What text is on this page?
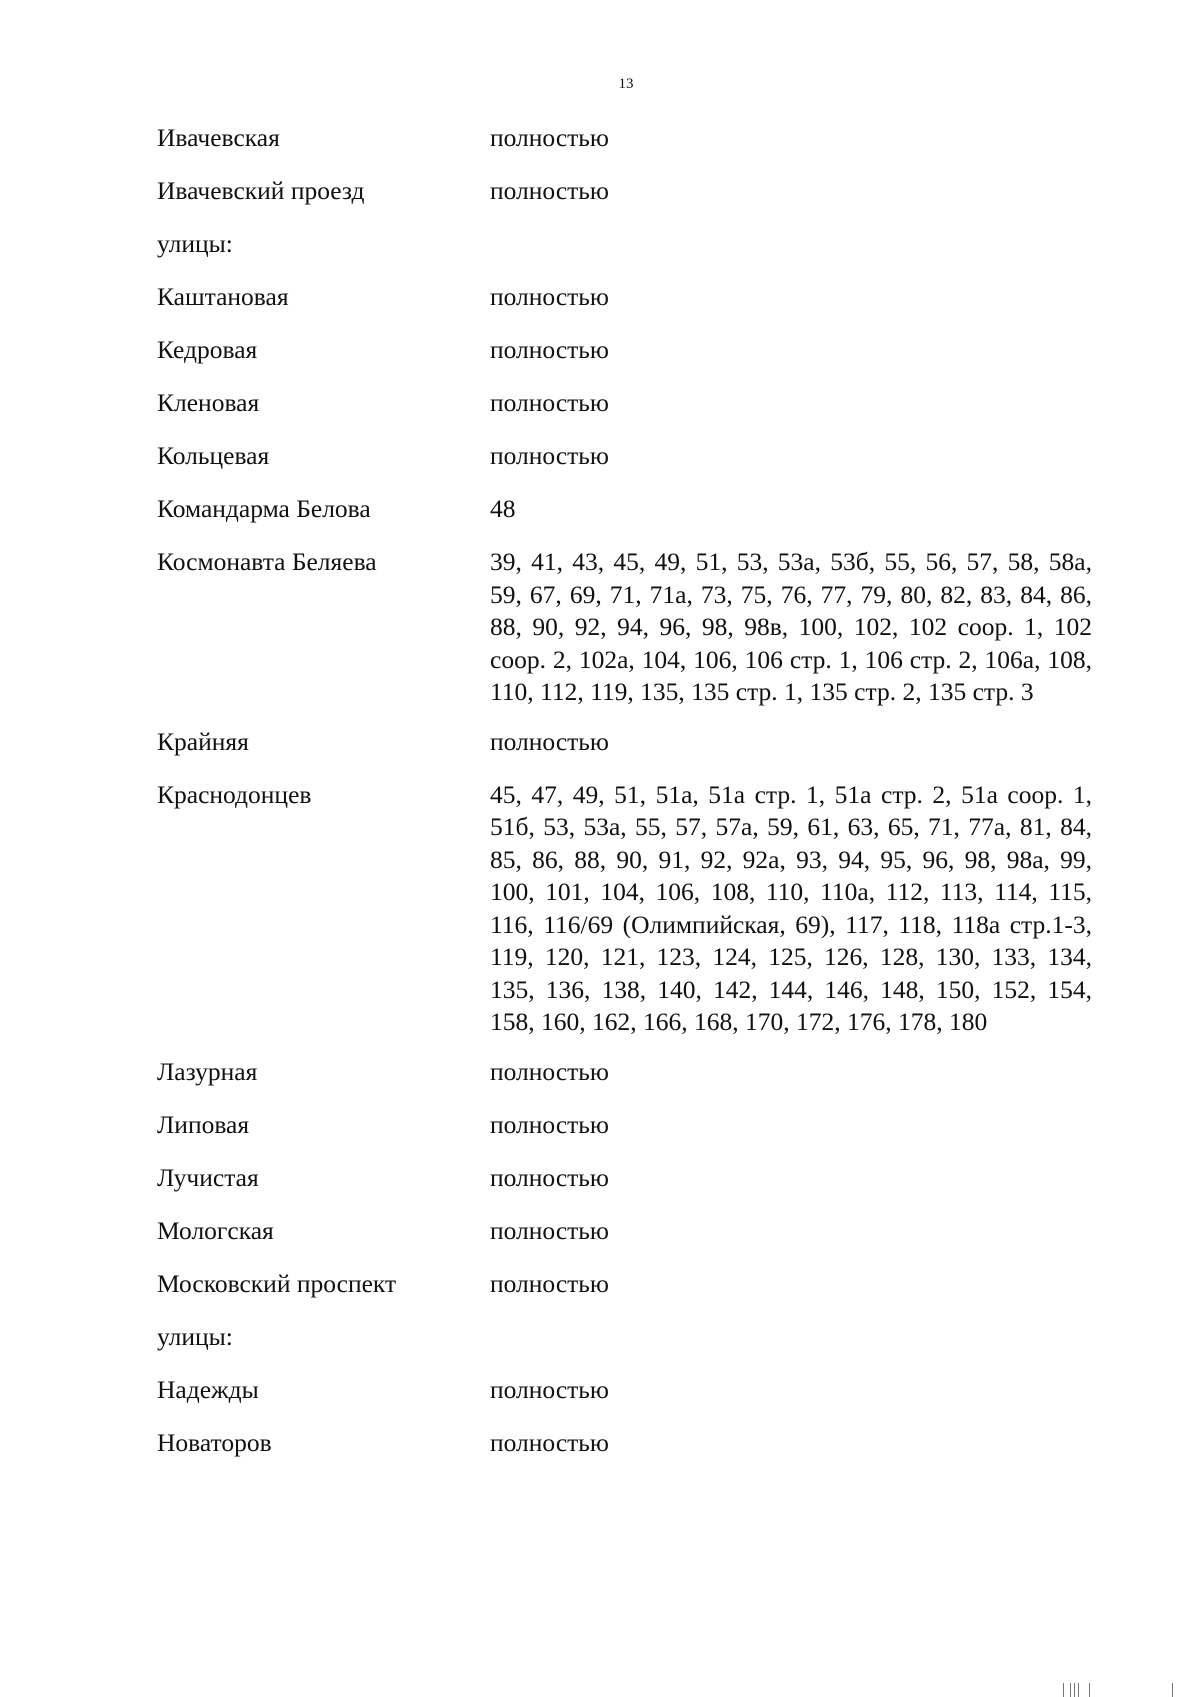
13
Ивачевская	полностью
Ивачевский проезд	полностью
улицы:
Каштановая	полностью
Кедровая	полностью
Кленовая	полностью
Кольцевая	полностью
Командарма Белова	48
Космонавта Беляева	39, 41, 43, 45, 49, 51, 53, 53а, 53б, 55, 56, 57, 58, 58а, 59, 67, 69, 71, 71а, 73, 75, 76, 77, 79, 80, 82, 83, 84, 86, 88, 90, 92, 94, 96, 98, 98в, 100, 102, 102 соор. 1, 102 соор. 2, 102а, 104, 106, 106 стр. 1, 106 стр. 2, 106а, 108, 110, 112, 119, 135, 135 стр. 1, 135 стр. 2, 135 стр. 3
Крайняя	полностью
Краснодонцев	45, 47, 49, 51, 51а, 51а стр. 1, 51а стр. 2, 51а соор. 1, 51б, 53, 53а, 55, 57, 57а, 59, 61, 63, 65, 71, 77а, 81, 84, 85, 86, 88, 90, 91, 92, 92а, 93, 94, 95, 96, 98, 98а, 99, 100, 101, 104, 106, 108, 110, 110а, 112, 113, 114, 115, 116, 116/69 (Олимпийская, 69), 117, 118, 118а стр.1-3, 119, 120, 121, 123, 124, 125, 126, 128, 130, 133, 134, 135, 136, 138, 140, 142, 144, 146, 148, 150, 152, 154, 158, 160, 162, 166, 168, 170, 172, 176, 178, 180
Лазурная	полностью
Липовая	полностью
Лучистая	полностью
Мологская	полностью
Московский проспект	полностью
улицы:
Надежды	полностью
Новаторов	полностью
